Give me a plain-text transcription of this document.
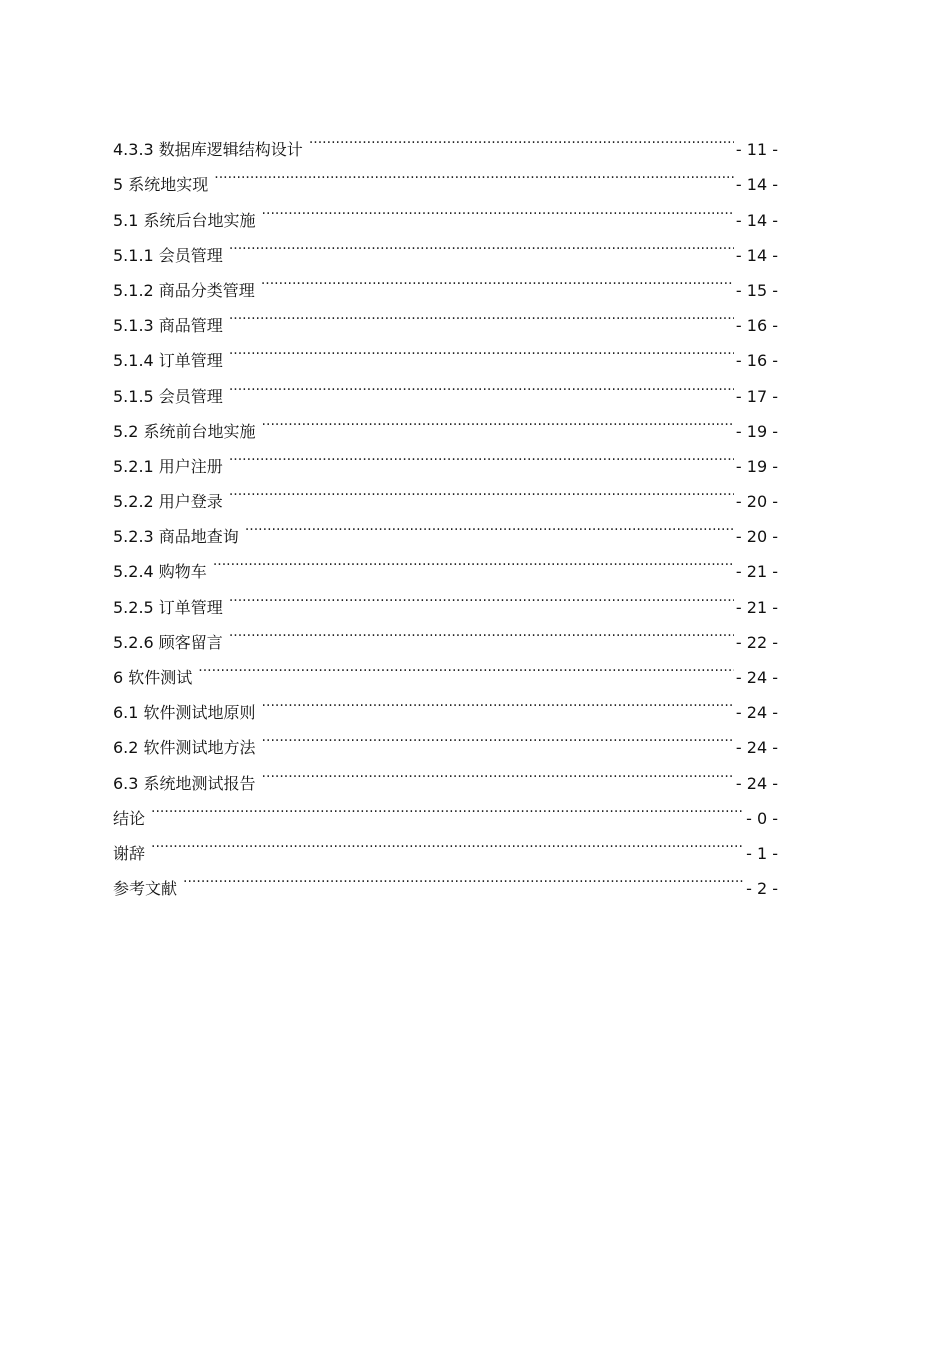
4.3.3 数据库逻辑结构设计 .....	- 11 -
5 系统地实现 .....	- 14 -
5.1 系统后台地实施 .....	- 14 -
5.1.1 会员管理 .....	- 14 -
5.1.2 商品分类管理 .....	- 15 -
5.1.3 商品管理 .....	- 16 -
5.1.4 订单管理 .....	- 16 -
5.1.5 会员管理 .....	- 17 -
5.2 系统前台地实施 .....	- 19 -
5.2.1 用户注册 .....	- 19 -
5.2.2 用户登录 .....	- 20 -
5.2.3 商品地查询 .....	- 20 -
5.2.4 购物车 .....	- 21 -
5.2.5 订单管理 .....	- 21 -
5.2.6 顾客留言 .....	- 22 -
6 软件测试 .....	- 24 -
6.1 软件测试地原则 .....	- 24 -
6.2 软件测试地方法 .....	- 24 -
6.3 系统地测试报告 .....	- 24 -
结论 .....	- 0 -
谢辞 .....	- 1 -
参考文献 .....	- 2 -
